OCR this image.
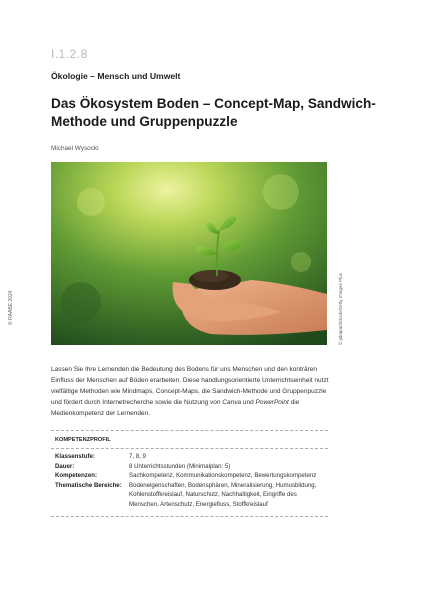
I.1.2.8
Ökologie – Mensch und Umwelt
Das Ökosystem Boden – Concept-Map, Sandwich-Methode und Gruppenpuzzle
Michael Wysocki
© RAABE 2024	© jakapat/iStock/Getty Images Plus
Lassen Sie Ihre Lernenden die Bedeutung des Bodens für uns Menschen und den konträren Einfluss der Menschen auf Böden erarbeiten. Diese handlungsorientierte Unterrichtseinheit nutzt vielfältige Methoden wie Mindmaps, Concept-Maps, die Sandwich-Methode und Gruppenpuzzle und fördert durch Internetrecherche sowie die Nutzung von Canva und PowerPoint die Medienkompetenz der Lernenden.
KOMPETENZPROFIL
Klassenstufe:	7, 8, 9
Dauer:	8 Unterrichtsstunden (Minimalplan: 5)
Kompetenzen:	Sachkompetenz, Kommunikationskompetenz, Bewertungskompetenz
Thematische Bereiche:	Bodeneigenschaften, Bodensphären, Mineralisierung, Humusbildung, Kohlenstoffkreislauf, Naturschutz, Nachhaltigkeit, Eingriffe des Menschen, Artenschutz, Energiefluss, Stoffkreislauf
